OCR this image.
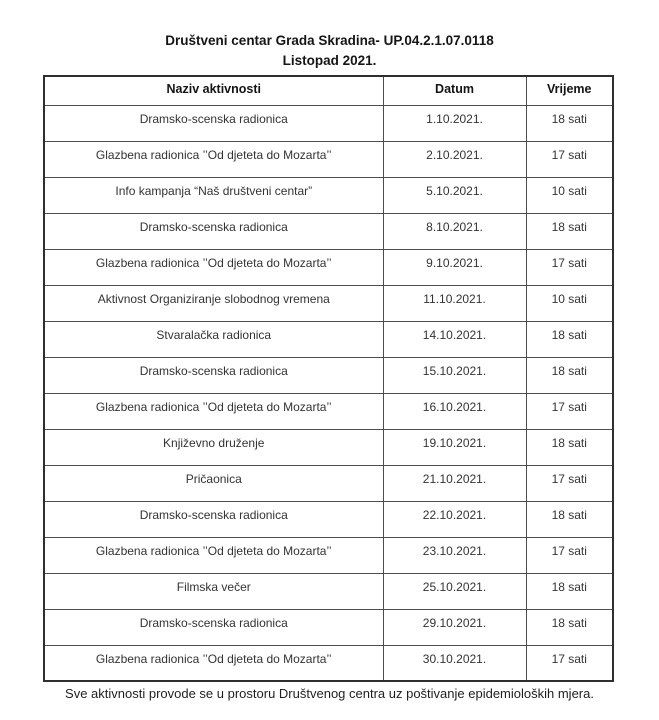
Društveni centar Grada Skradina- UP.04.2.1.07.0118
Listopad 2021.
Naziv aktivnosti	Datum	Vrijeme
Dramsko-scenska radionica	1.10.2021.	18 sati
Glazbena radionica ’’Od djeteta do Mozarta’’	2.10.2021.	17 sati
Info kampanja “Naš društveni centar”	5.10.2021.	10 sati
Dramsko-scenska radionica	8.10.2021.	18 sati
Glazbena radionica ’’Od djeteta do Mozarta’’	9.10.2021.	17 sati
Aktivnost Organiziranje slobodnog vremena	11.10.2021.	10 sati
Stvaralačka radionica	14.10.2021.	18 sati
Dramsko-scenska radionica	15.10.2021.	18 sati
Glazbena radionica ’’Od djeteta do Mozarta’’	16.10.2021.	17 sati
Književno druženje	19.10.2021.	18 sati
Pričaonica	21.10.2021.	17 sati
Dramsko-scenska radionica	22.10.2021.	18 sati
Glazbena radionica ’’Od djeteta do Mozarta’’	23.10.2021.	17 sati
Filmska večer	25.10.2021.	18 sati
Dramsko-scenska radionica	29.10.2021.	18 sati
Glazbena radionica ’’Od djeteta do Mozarta’’	30.10.2021.	17 sati
Sve aktivnosti provode se u prostoru Društvenog centra uz poštivanje epidemioloških mjera.
